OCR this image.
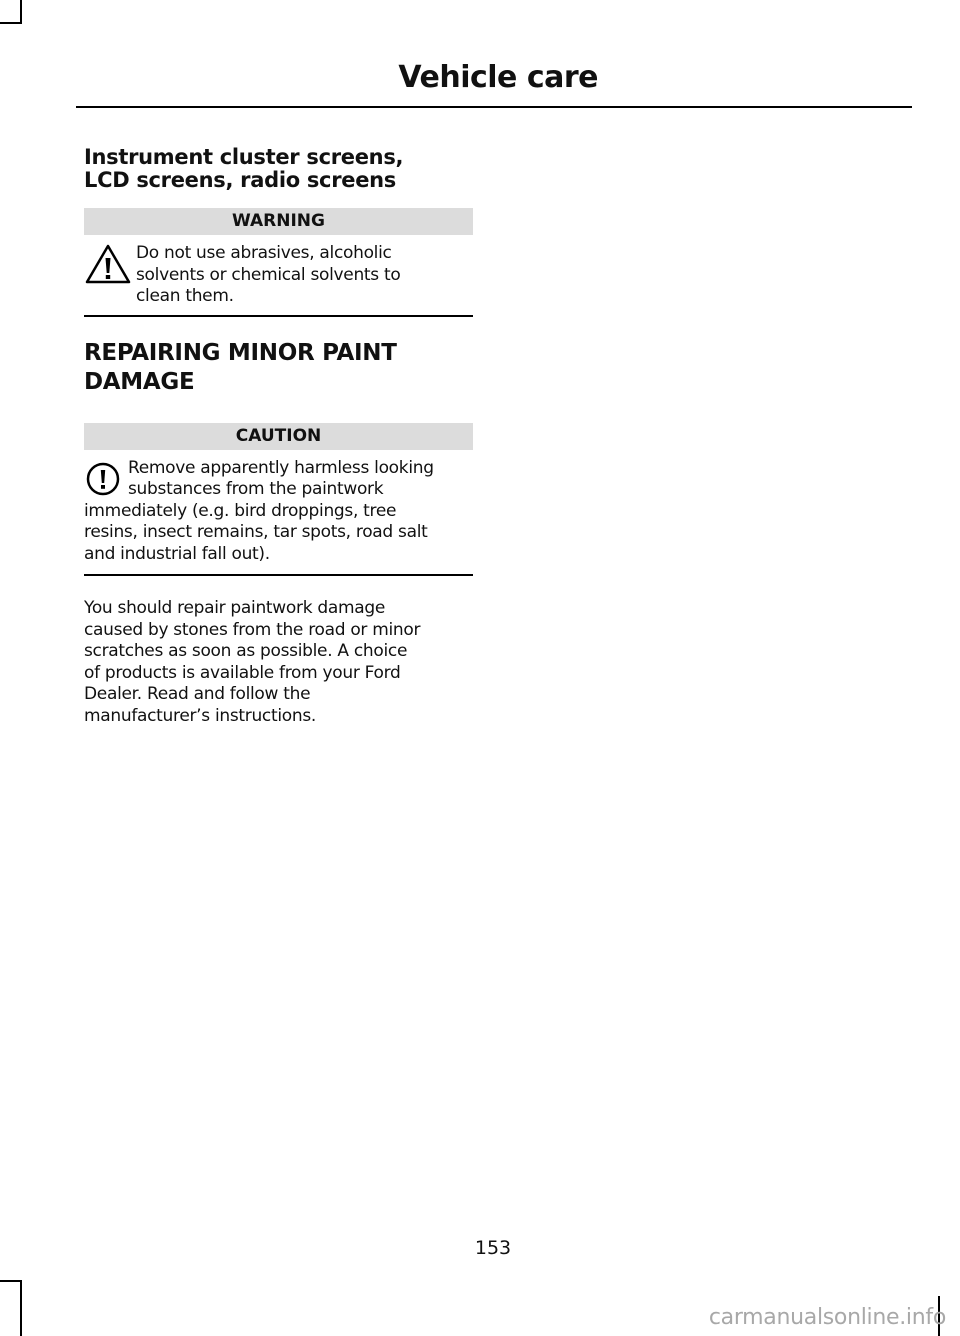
Vehicle care
Instrument cluster screens,
LCD screens, radio screens
WARNING
Do not use abrasives, alcoholic
solvents or chemical solvents to
clean them.
REPAIRING MINOR PAINT
DAMAGE
CAUTION
Remove apparently harmless looking
substances from the paintwork
immediately (e.g. bird droppings, tree
resins, insect remains, tar spots, road salt
and industrial fall out).

You should repair paintwork damage
caused by stones from the road or minor
scratches as soon as possible. A choice
of products is available from your Ford
Dealer. Read and follow the
manufacturer’s instructions.

153
carmanualsonline.info
